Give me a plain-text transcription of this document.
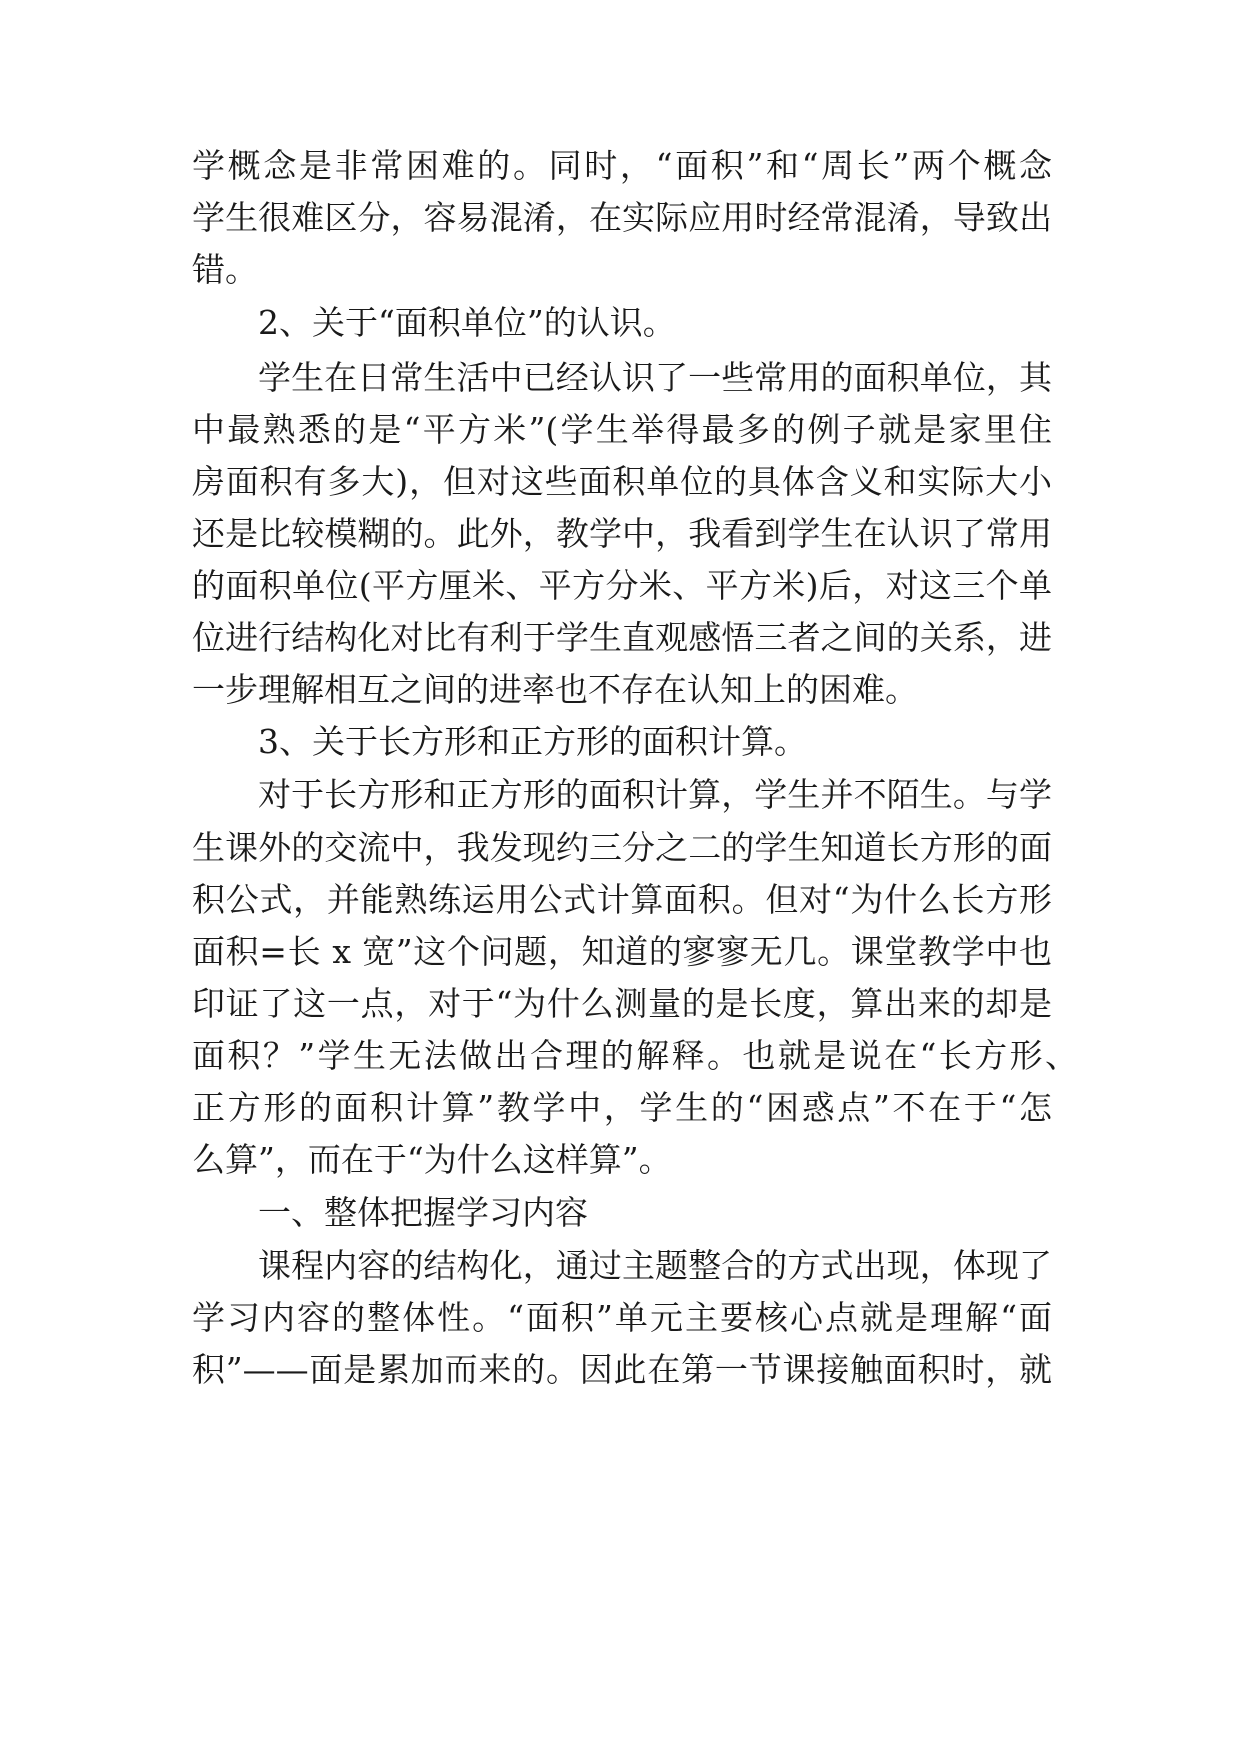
学概念是非常困难的。同时，“面积”和“周长”两个概念
学生很难区分，容易混淆，在实际应用时经常混淆，导致出
错。
2、关于“面积单位”的认识。
学生在日常生活中已经认识了一些常用的面积单位，其
中最熟悉的是“平方米”(学生举得最多的例子就是家里住
房面积有多大)，但对这些面积单位的具体含义和实际大小
还是比较模糊的。此外，教学中，我看到学生在认识了常用
的面积单位(平方厘米、平方分米、平方米)后，对这三个单
位进行结构化对比有利于学生直观感悟三者之间的关系，进
一步理解相互之间的进率也不存在认知上的困难。
3、关于长方形和正方形的面积计算。
对于长方形和正方形的面积计算，学生并不陌生。与学
生课外的交流中，我发现约三分之二的学生知道长方形的面
积公式，并能熟练运用公式计算面积。但对“为什么长方形
面积=长 x 宽”这个问题，知道的寥寥无几。课堂教学中也
印证了这一点，对于“为什么测量的是长度，算出来的却是
面积？”学生无法做出合理的解释。也就是说在“长方形、
正方形的面积计算”教学中，学生的“困惑点”不在于“怎
么算”，而在于“为什么这样算”。
一、整体把握学习内容
课程内容的结构化，通过主题整合的方式出现，体现了
学习内容的整体性。“面积”单元主要核心点就是理解“面
积”——面是累加而来的。因此在第一节课接触面积时，就
